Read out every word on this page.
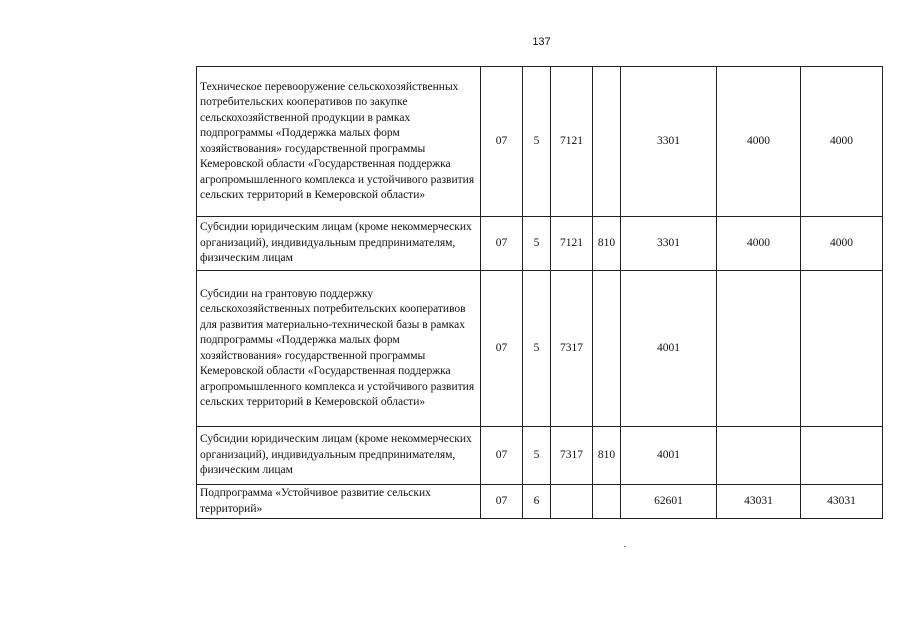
137
Техническое перевооружение сельскохозяйственных потребительских кооперативов по закупке сельскохозяйственной продукции в рамках подпрограммы «Поддержка малых форм хозяйствования» государственной программы Кемеровской области «Государственная поддержка агропромышленного комплекса и устойчивого развития сельских территорий в Кемеровской области»	07	5	7121		3301	4000	4000
Субсидии юридическим лицам (кроме некоммерческих организаций), индивидуальным предпринимателям, физическим лицам	07	5	7121	810	3301	4000	4000
Субсидии на грантовую поддержку сельскохозяйственных потребительских кооперативов для развития материально-технической базы в рамках подпрограммы «Поддержка малых форм хозяйствования» государственной программы Кемеровской области «Государственная поддержка агропромышленного комплекса и устойчивого развития сельских территорий в Кемеровской области»	07	5	7317		4001		
Субсидии юридическим лицам (кроме некоммерческих организаций), индивидуальным предпринимателям, физическим лицам	07	5	7317	810	4001		
Подпрограмма «Устойчивое развитие сельских территорий»	07	6			62601	43031	43031
